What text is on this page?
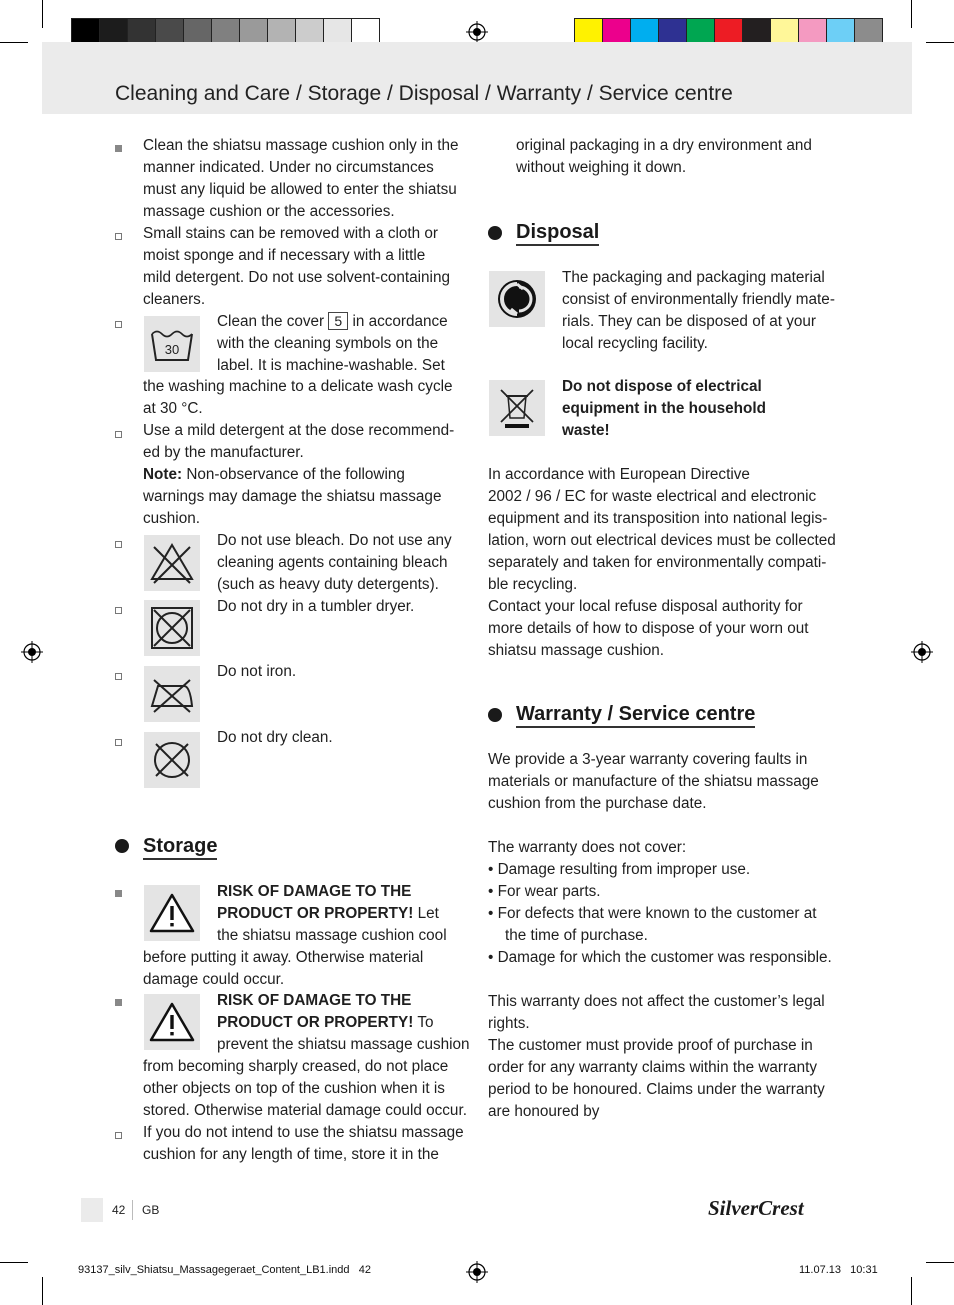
Cleaning and Care / Storage / Disposal / Warranty / Service centre
Clean the shiatsu massage cushion only in the
manner indicated. Under no circumstances
must any liquid be allowed to enter the shiatsu
massage cushion or the accessories.
Small stains can be removed with a cloth or
moist sponge and if necessary with a little
mild detergent. Do not use solvent-containing
cleaners.
30
Clean the cover 5 in accordance
with the cleaning symbols on the
label. It is machine-washable. Set
the washing machine to a delicate wash cycle
at 30 °C.
Use a mild detergent at the dose recommend-
ed by the manufacturer.
Note: Non-observance of the following
warnings may damage the shiatsu massage
cushion.
Do not use bleach. Do not use any
cleaning agents containing bleach
(such as heavy duty detergents).
Do not dry in a tumbler dryer.
Do not iron.
Do not dry clean.
Storage
RISK OF DAMAGE TO THE
PRODUCT OR PROPERTY! Let
the shiatsu massage cushion cool
before putting it away. Otherwise material
damage could occur.
RISK OF DAMAGE TO THE
PRODUCT OR PROPERTY! To
prevent the shiatsu massage cushion
from becoming sharply creased, do not place
other objects on top of the cushion when it is
stored. Otherwise material damage could occur.
If you do not intend to use the shiatsu massage
cushion for any length of time, store it in the
original packaging in a dry environment and
without weighing it down.
Disposal
The packaging and packaging material
consist of environmentally friendly mate-
rials. They can be disposed of at your
local recycling facility.
Do not dispose of electrical
equipment in the household
waste!
In accordance with European Directive
2002 / 96 / EC for waste electrical and electronic
equipment and its transposition into national legis-
lation, worn out electrical devices must be collected
separately and taken for environmentally compati-
ble recycling.
Contact your local refuse disposal authority for
more details of how to dispose of your worn out
shiatsu massage cushion.
Warranty / Service centre
We provide a 3-year warranty covering faults in
materials or manufacture of the shiatsu massage
cushion from the purchase date.

The warranty does not cover:
• Damage resulting from improper use.
• For wear parts.
• For defects that were known to the customer at
the time of purchase.
• Damage for which the customer was responsible.

This warranty does not affect the customer’s legal
rights.
The customer must provide proof of purchase in
order for any warranty claims within the warranty
period to be honoured. Claims under the warranty
are honoured by
42 GB	SilverCrest
93137_silv_Shiatsu_Massagegeraet_Content_LB1.indd   42	11.07.13   10:31
